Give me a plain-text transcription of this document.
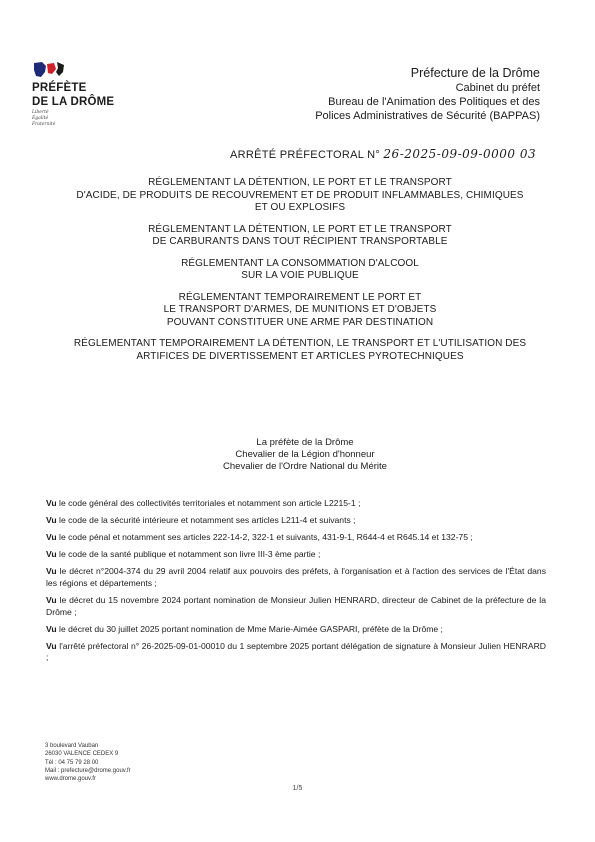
PRÉFÈTE
DE LA DRÔME
Liberté
Égalité
Fraternité
Préfecture de la Drôme
Cabinet du préfet
Bureau de l'Animation des Politiques et des
Polices Administratives de Sécurité (BAPPAS)
ARRÊTÉ PRÉFECTORAL N° 26-2025-09-09-0000 03
RÉGLEMENTANT LA DÉTENTION, LE PORT ET LE TRANSPORT
D'ACIDE, DE PRODUITS DE RECOUVREMENT ET DE PRODUIT INFLAMMABLES, CHIMIQUES
ET OU EXPLOSIFS
RÉGLEMENTANT LA DÉTENTION, LE PORT ET LE TRANSPORT
DE CARBURANTS DANS TOUT RÉCIPIENT TRANSPORTABLE
RÉGLEMENTANT LA CONSOMMATION D'ALCOOL
SUR LA VOIE PUBLIQUE
RÉGLEMENTANT TEMPORAIREMENT LE PORT ET
LE TRANSPORT D'ARMES, DE MUNITIONS ET D'OBJETS
POUVANT CONSTITUER UNE ARME PAR DESTINATION
RÉGLEMENTANT TEMPORAIREMENT LA DÉTENTION, LE TRANSPORT ET L'UTILISATION DES
ARTIFICES DE DIVERTISSEMENT ET ARTICLES PYROTECHNIQUES
La préfète de la Drôme
Chevalier de la Légion d'honneur
Chevalier de l'Ordre National du Mérite
Vu le code général des collectivités territoriales et notamment son article L2215-1 ;
Vu le code de la sécurité intérieure et notamment ses articles L211-4 et suivants ;
Vu le code pénal et notamment ses articles 222-14-2, 322-1 et suivants, 431-9-1, R644-4 et R645.14 et 132-75 ;
Vu le code de la santé publique et notamment son livre III-3 ème partie ;
Vu le décret n°2004-374 du 29 avril 2004 relatif aux pouvoirs des préfets, à l'organisation et à l'action des services de l'État dans les régions et départements ;
Vu le décret du 15 novembre 2024 portant nomination de Monsieur Julien HENRARD, directeur de Cabinet de la préfecture de la Drôme ;
Vu le décret du 30 juillet 2025 portant nomination de Mme Marie-Aimée GASPARI, préfète de la Drôme ;
Vu l'arrêté préfectoral n° 26-2025-09-01-00010 du 1 septembre 2025 portant délégation de signature à Monsieur Julien HENRARD ;
3 boulevard Vauban
26030 VALENCE CEDEX 9
Tél : 04 75 79 28 00
Mail : prefecture@drome.gouv.fr
www.drome.gouv.fr
1/5
